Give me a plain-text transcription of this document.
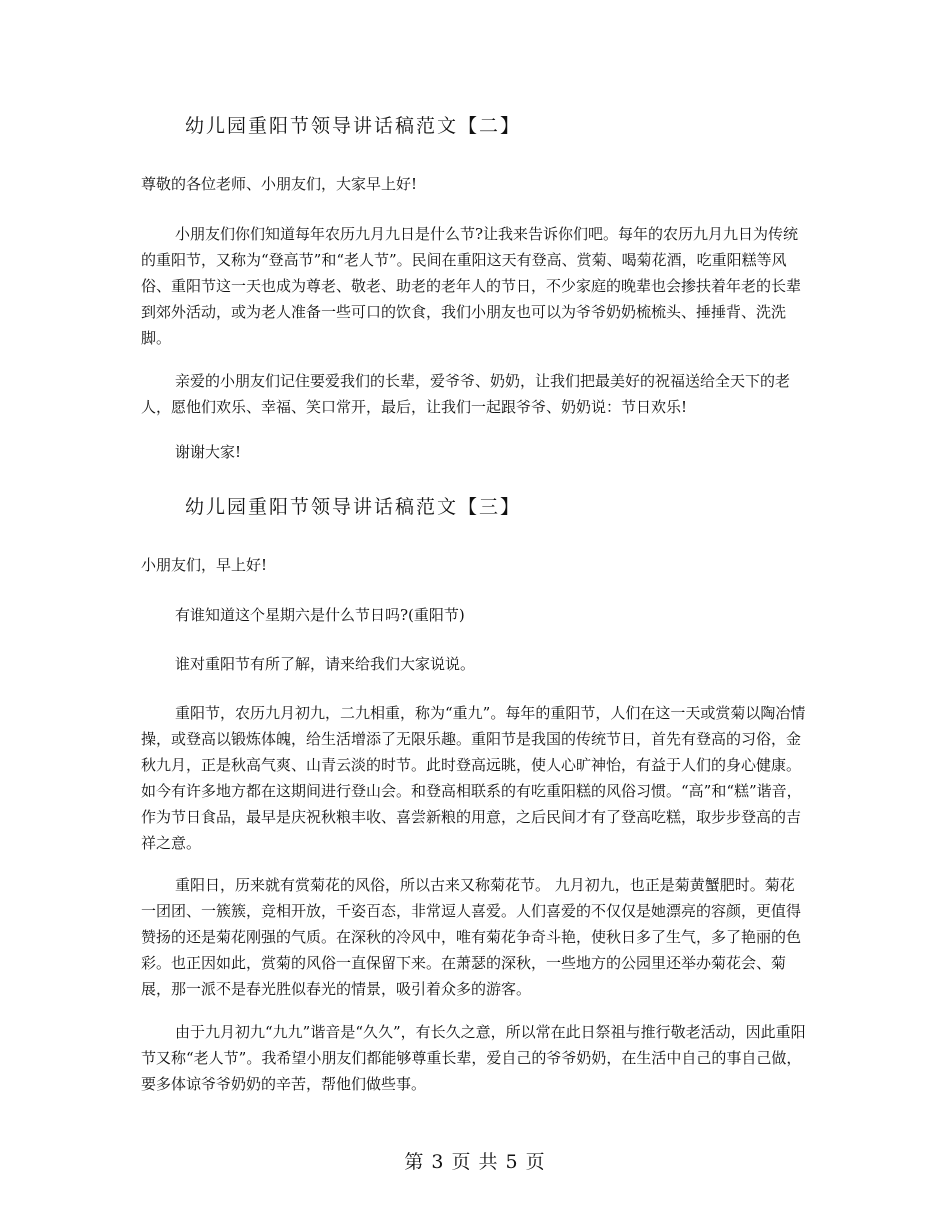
幼儿园重阳节领导讲话稿范文【二】

尊敬的各位老师、小朋友们，大家早上好!

小朋友们你们知道每年农历九月九日是什么节?让我来告诉你们吧。每年的农历九月九日为传统的重阳节，又称为“登高节”和“老人节”。民间在重阳这天有登高、赏菊、喝菊花酒，吃重阳糕等风俗、重阳节这一天也成为尊老、敬老、助老的老年人的节日，不少家庭的晚辈也会掺扶着年老的长辈到郊外活动，或为老人准备一些可口的饮食，我们小朋友也可以为爷爷奶奶梳梳头、捶捶背、洗洗脚。

亲爱的小朋友们记住要爱我们的长辈，爱爷爷、奶奶，让我们把最美好的祝福送给全天下的老人，愿他们欢乐、幸福、笑口常开，最后，让我们一起跟爷爷、奶奶说：节日欢乐!

谢谢大家!

幼儿园重阳节领导讲话稿范文【三】

小朋友们，早上好!

有谁知道这个星期六是什么节日吗?(重阳节)

谁对重阳节有所了解，请来给我们大家说说。

重阳节，农历九月初九，二九相重，称为“重九”。每年的重阳节，人们在这一天或赏菊以陶冶情操，或登高以锻炼体魄，给生活增添了无限乐趣。重阳节是我国的传统节日，首先有登高的习俗，金秋九月，正是秋高气爽、山青云淡的时节。此时登高远眺，使人心旷神怡，有益于人们的身心健康。如今有许多地方都在这期间进行登山会。和登高相联系的有吃重阳糕的风俗习惯。“高”和“糕”谐音，作为节日食品，最早是庆祝秋粮丰收、喜尝新粮的用意，之后民间才有了登高吃糕，取步步登高的吉祥之意。

重阳日，历来就有赏菊花的风俗，所以古来又称菊花节。 九月初九，也正是菊黄蟹肥时。菊花一团团、一簇簇，竞相开放，千姿百态，非常逗人喜爱。人们喜爱的不仅仅是她漂亮的容颜，更值得赞扬的还是菊花刚强的气质。在深秋的冷风中，唯有菊花争奇斗艳，使秋日多了生气，多了艳丽的色彩。也正因如此，赏菊的风俗一直保留下来。在萧瑟的深秋，一些地方的公园里还举办菊花会、菊展，那一派不是春光胜似春光的情景，吸引着众多的游客。

由于九月初九“九九”谐音是“久久”，有长久之意，所以常在此日祭祖与推行敬老活动，因此重阳节又称“老人节”。我希望小朋友们都能够尊重长辈，爱自己的爷爷奶奶，在生活中自己的事自己做，要多体谅爷爷奶奶的辛苦，帮他们做些事。

第 3 页 共 5 页
